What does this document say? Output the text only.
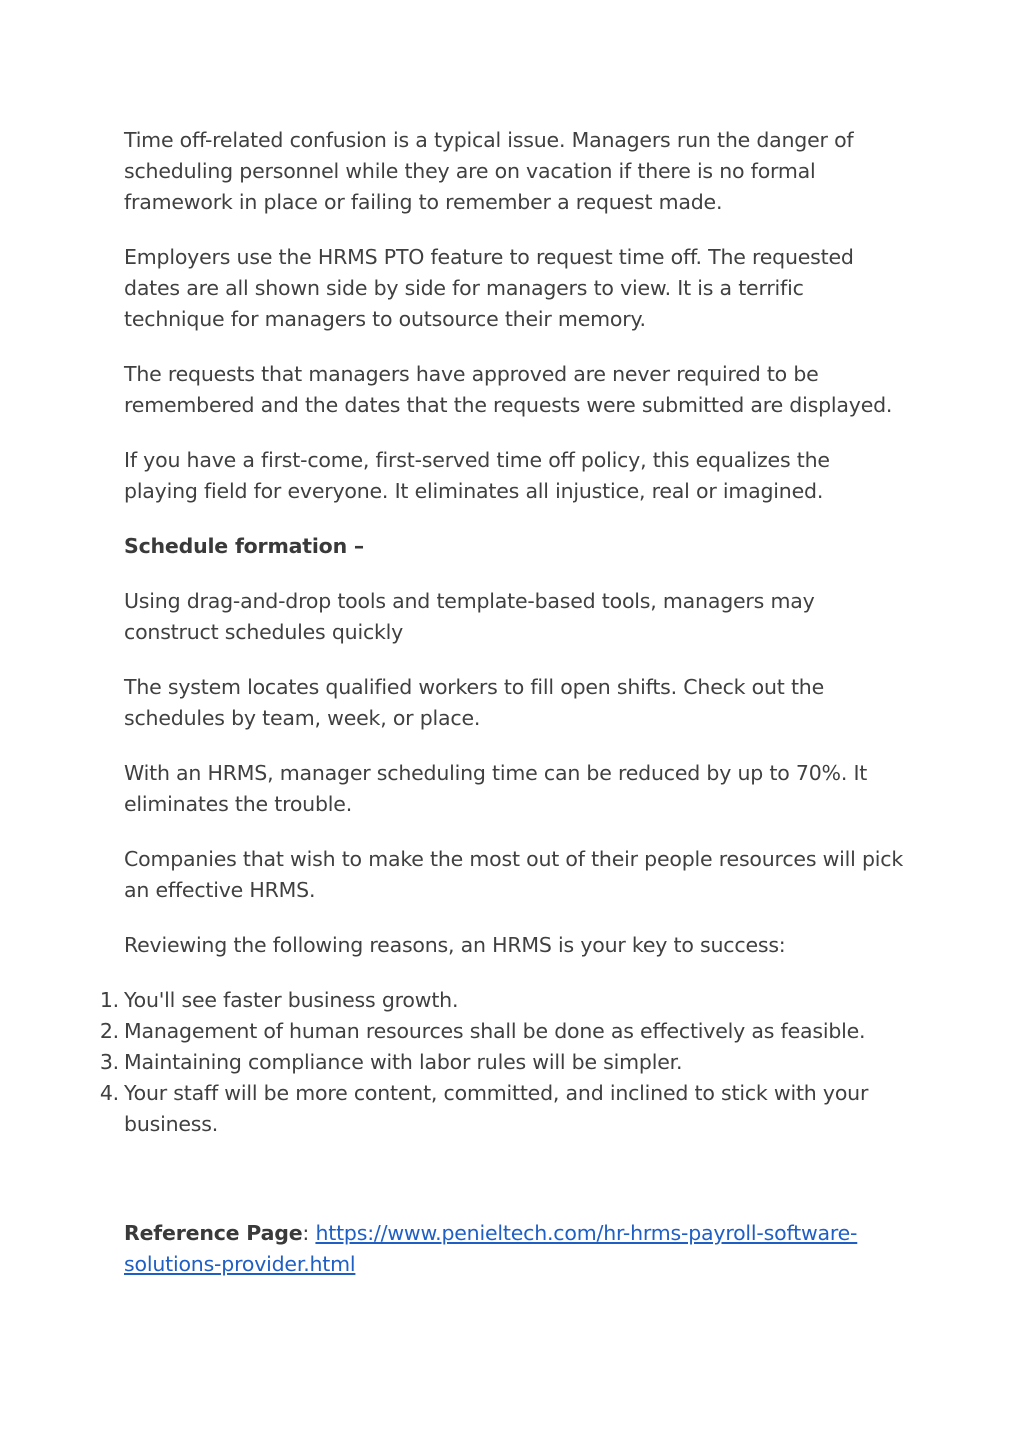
Time off-related confusion is a typical issue. Managers run the danger of scheduling personnel while they are on vacation if there is no formal framework in place or failing to remember a request made.

Employers use the HRMS PTO feature to request time off. The requested dates are all shown side by side for managers to view. It is a terrific technique for managers to outsource their memory.

The requests that managers have approved are never required to be remembered and the dates that the requests were submitted are displayed.

If you have a first-come, first-served time off policy, this equalizes the playing field for everyone. It eliminates all injustice, real or imagined.

Schedule formation –

Using drag-and-drop tools and template-based tools, managers may construct schedules quickly

The system locates qualified workers to fill open shifts. Check out the schedules by team, week, or place.

With an HRMS, manager scheduling time can be reduced by up to 70%. It eliminates the trouble.

Companies that wish to make the most out of their people resources will pick an effective HRMS.

Reviewing the following reasons, an HRMS is your key to success:

1. You'll see faster business growth.
2. Management of human resources shall be done as effectively as feasible.
3. Maintaining compliance with labor rules will be simpler.
4. Your staff will be more content, committed, and inclined to stick with your business.

Reference Page: https://www.penieltech.com/hr-hrms-payroll-software-solutions-provider.html
